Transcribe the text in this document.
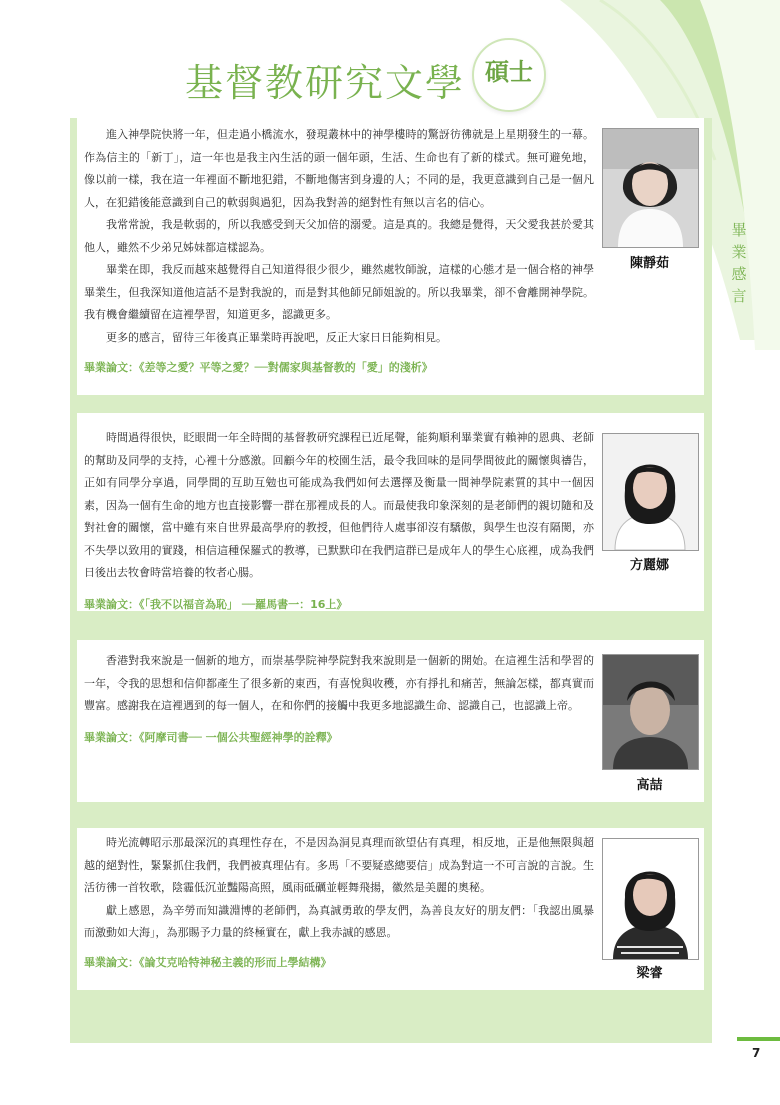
基督教研究文學 碩士

進入神學院快將一年，但走過小橋流水，發現叢林中的神學樓時的驚訝彷彿就是上星期發生的一幕。作為信主的「新丁」，這一年也是我主內生活的頭一個年頭，生活、生命也有了新的樣式。無可避免地，像以前一樣，我在這一年裡面不斷地犯錯，不斷地傷害到身邊的人；不同的是，我更意識到自己是一個凡人，在犯錯後能意識到自己的軟弱與過犯，因為我對善的絕對性有無以言名的信心。

我常常說，我是軟弱的，所以我感受到天父加倍的溺愛。這是真的。我總是覺得，天父愛我甚於愛其他人，雖然不少弟兄姊妹都這樣認為。

畢業在即，我反而越來越覺得自己知道得很少很少，雖然處牧師說，這樣的心態才是一個合格的神學畢業生，但我深知道他這話不是對我說的，而是對其他師兄師姐說的。所以我畢業，卻不會離開神學院。我有機會繼續留在這裡學習，知道更多，認識更多。

更多的感言，留待三年後真正畢業時再說吧，反正大家日日能夠相見。

畢業論文：《差等之愛？平等之愛？──對儒家與基督教的「愛」的淺析》

陳靜茹

時間過得很快，眨眼間一年全時間的基督教研究課程已近尾聲，能夠順利畢業實有賴神的恩典、老師的幫助及同學的支持，心裡十分感激。回顧今年的校園生活，最令我回味的是同學間彼此的關懷與禱告，正如有同學分享過，同學間的互助互勉也可能成為我們如何去選擇及衡量一間神學院素質的其中一個因素，因為一個有生命的地方也直接影響一群在那裡成長的人。而最使我印象深刻的是老師們的親切隨和及對社會的關懷，當中雖有來自世界最高學府的教授，但他們待人處事卻沒有驕傲，與學生也沒有隔閡，亦不失學以致用的實踐，相信這種保羅式的教導，已默默印在我們這群已是成年人的學生心底裡，成為我們日後出去牧會時當培養的牧者心腸。

畢業論文：《「我不以福音為恥」 ──羅馬書一：16上》

方麗娜

香港對我來說是一個新的地方，而崇基學院神學院對我來說則是一個新的開始。在這裡生活和學習的一年，令我的思想和信仰都產生了很多新的東西，有喜悅與收穫，亦有掙扎和痛苦，無論怎樣，都真實而豐富。感謝我在這裡遇到的每一個人，在和你們的接觸中我更多地認識生命、認識自己，也認識上帝。

畢業論文：《阿摩司書── 一個公共聖經神學的詮釋》

高喆

時光流轉昭示那最深沉的真理性存在，不是因為洞見真理而欲望佔有真理，相反地，正是他無限與超越的絕對性，緊緊抓住我們，我們被真理佔有。多馬「不要疑惑總要信」成為對這一不可言說的言說。生活彷彿一首牧歌，陰霾低沉並豔陽高照，風雨砥礪並輕舞飛揚，徽然是美麗的奧秘。

獻上感恩，為辛勞而知識淵博的老師們，為真誠勇敢的學友們，為善良友好的朋友們：「我認出風暴而激動如大海」，為那賜予力量的終極實在，獻上我赤誠的感恩。

畢業論文：《論艾克哈特神秘主義的形而上學結構》

梁睿
畢
業
感
言
7
